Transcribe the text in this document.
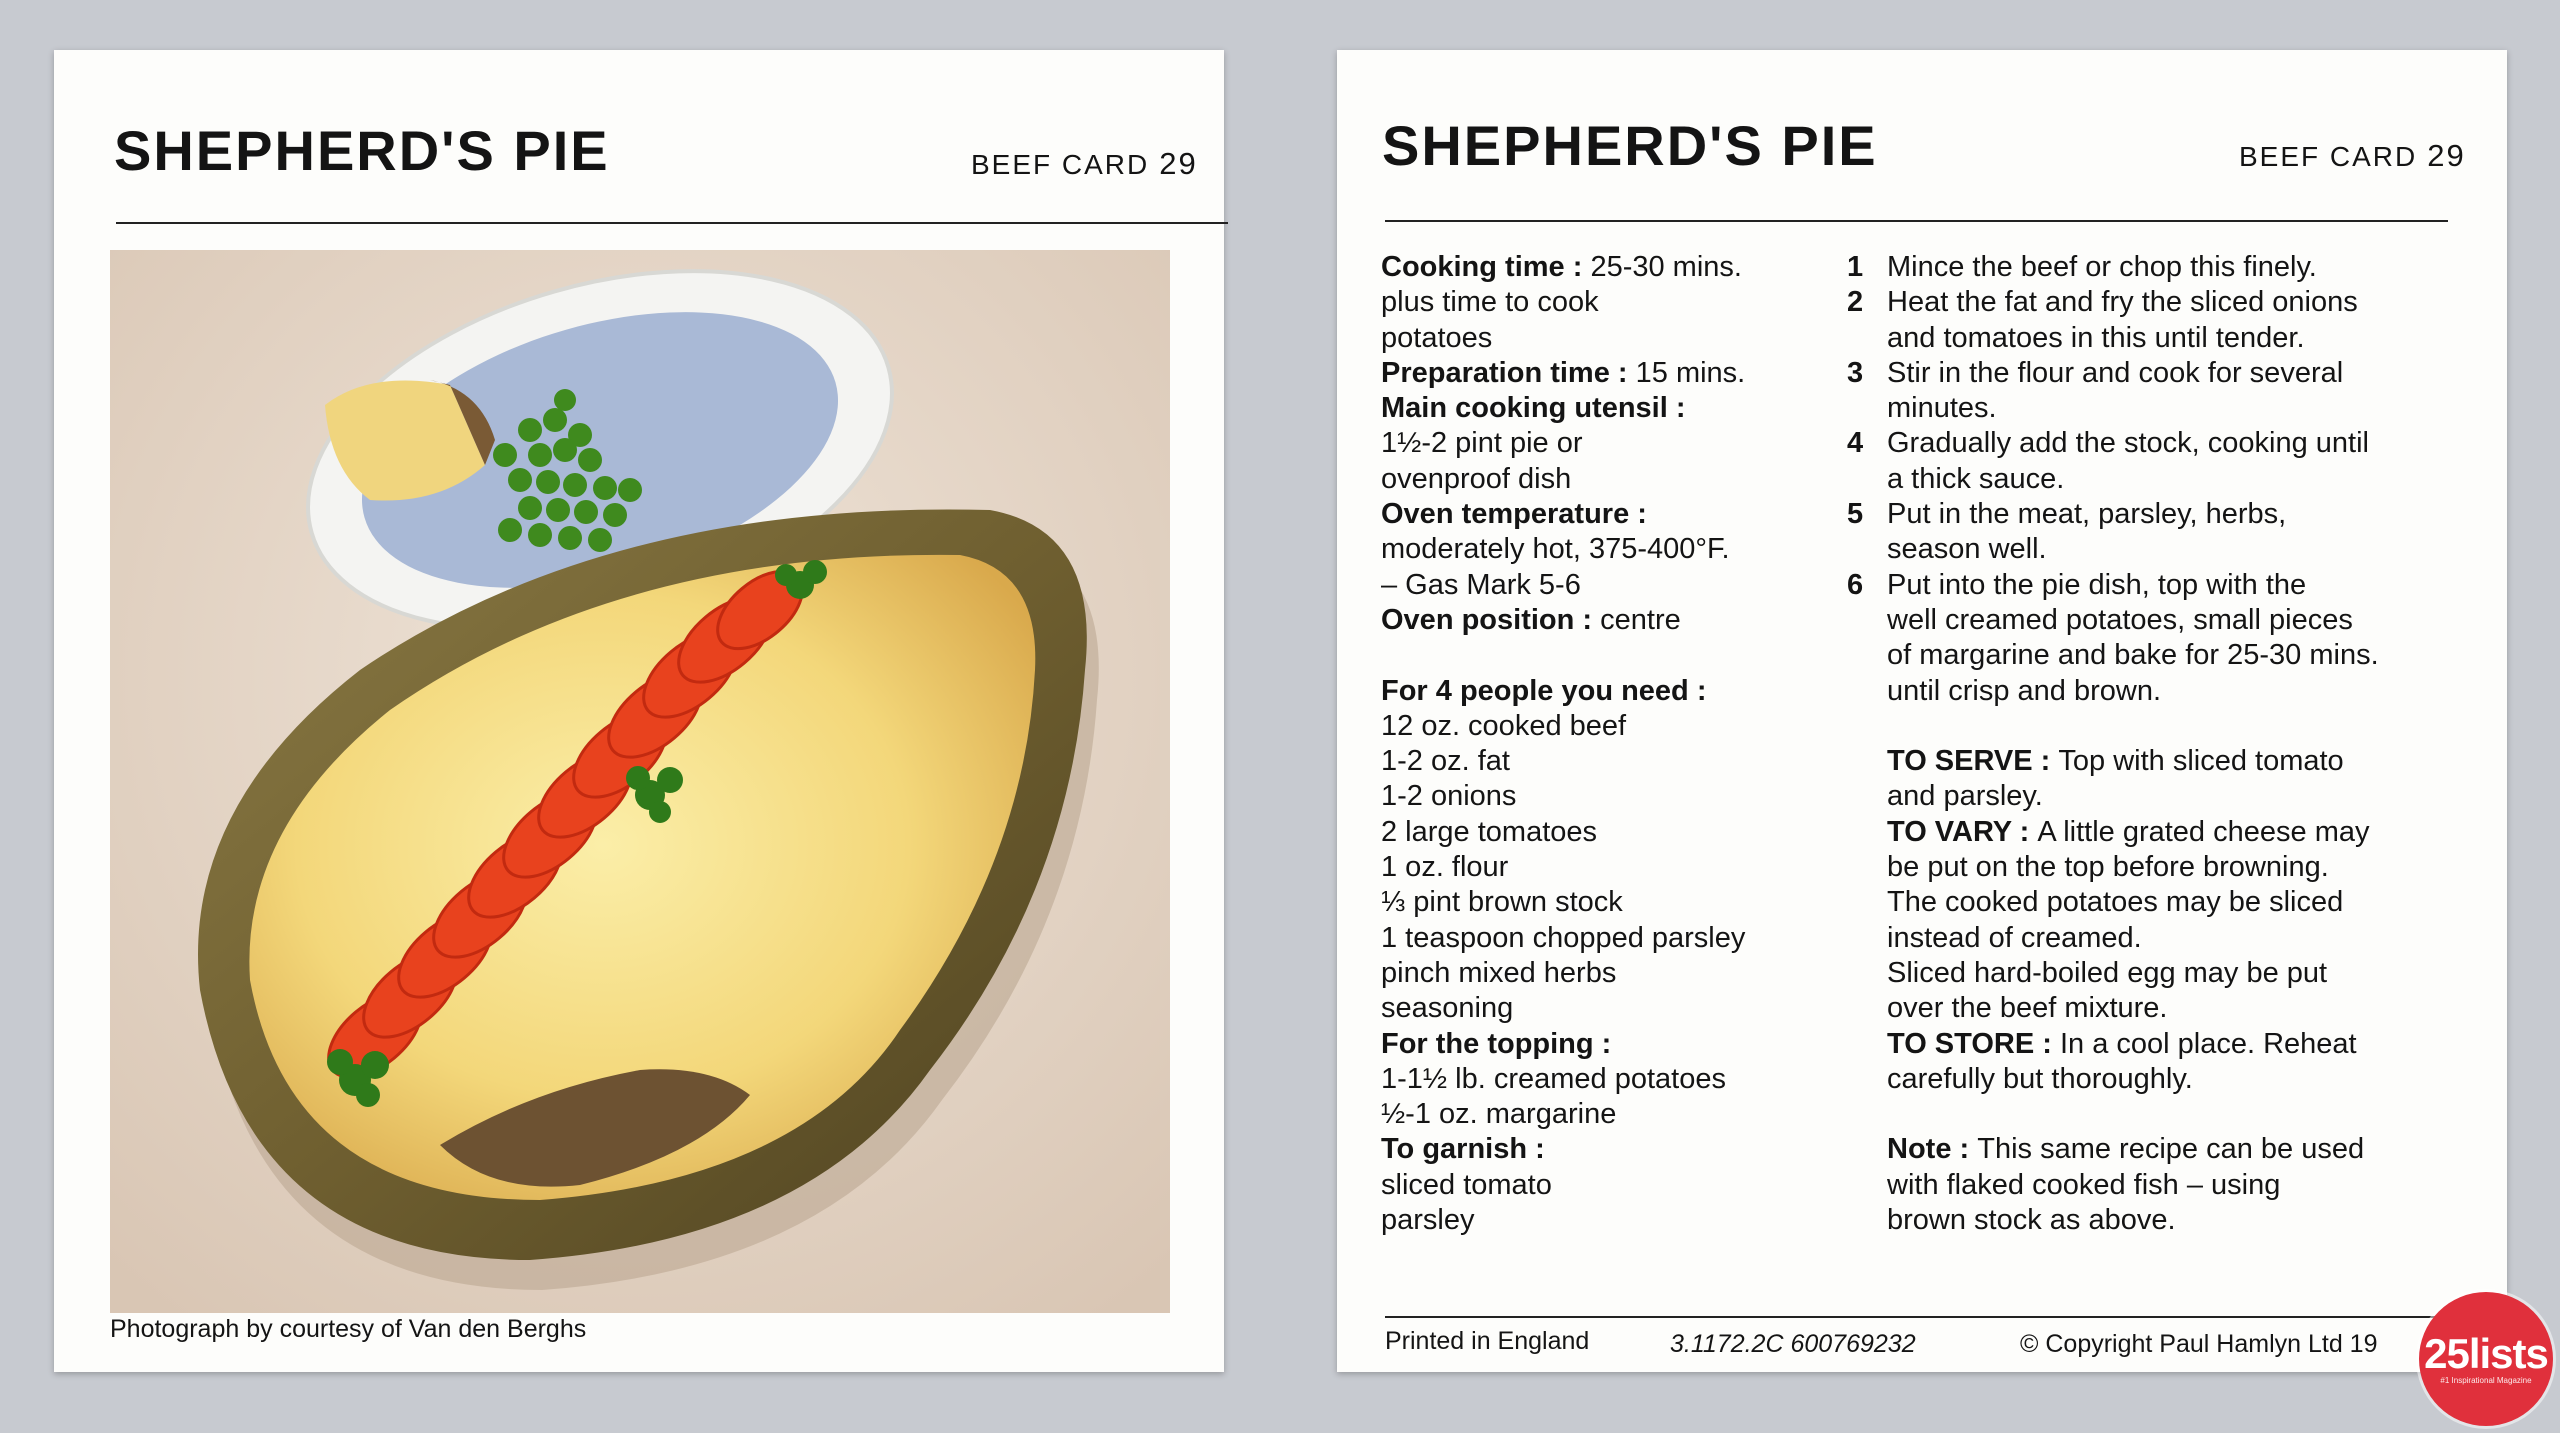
SHEPHERD'S PIE	BEEF CARD 29
Photograph by courtesy of Van den Berghs
SHEPHERD'S PIE	BEEF CARD 29
Cooking time : 25-30 mins.
plus time to cook
potatoes
Preparation time : 15 mins.
Main cooking utensil :
1½-2 pint pie or
ovenproof dish
Oven temperature :
moderately hot, 375-400°F.
– Gas Mark 5-6
Oven position : centre
For 4 people you need :
12 oz. cooked beef
1-2 oz. fat
1-2 onions
2 large tomatoes
1 oz. flour
⅓ pint brown stock
1 teaspoon chopped parsley
pinch mixed herbs
seasoning
For the topping :
1-1½ lb. creamed potatoes
½-1 oz. margarine
To garnish :
sliced tomato
parsley
1 Mince the beef or chop this finely.
2 Heat the fat and fry the sliced onions
and tomatoes in this until tender.
3 Stir in the flour and cook for several
minutes.
4 Gradually add the stock, cooking until
a thick sauce.
5 Put in the meat, parsley, herbs,
season well.
6 Put into the pie dish, top with the
well creamed potatoes, small pieces
of margarine and bake for 25-30 mins.
until crisp and brown.
TO SERVE : Top with sliced tomato
and parsley.
TO VARY : A little grated cheese may
be put on the top before browning.
The cooked potatoes may be sliced
instead of creamed.
Sliced hard-boiled egg may be put
over the beef mixture.
TO STORE : In a cool place. Reheat
carefully but thoroughly.
Note : This same recipe can be used
with flaked cooked fish – using
brown stock as above.
Printed in England	3.1172.2C 600769232	© Copyright Paul Hamlyn Ltd 19 25lists
#1 Inspirational Magazine
